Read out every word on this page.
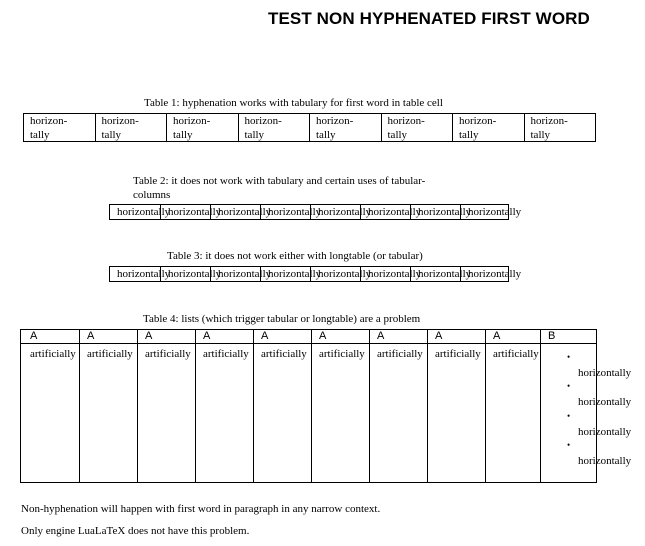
TEST NON HYPHENATED FIRST WORD
Table 1: hyphenation works with tabulary for first word in table cell
horizon-
tally
horizon-
tally
horizon-
tally
horizon-
tally
horizon-
tally
horizon-
tally
horizon-
tally
horizon-
tally
Table 2: it does not work with tabulary and certain uses of tabular-
columns
horizontally
horizontally
horizontally
horizontally
horizontally
horizontally
horizontally
horizontally
Table 3: it does not work either with longtable (or tabular)
horizontally
horizontally
horizontally
horizontally
horizontally
horizontally
horizontally
horizontally
Table 4: lists (which trigger tabular or longtable) are a problem
A
artificially
A
artificially
A
artificially
A
artificially
A
artificially
A
artificially
A
artificially
A
artificially
A
artificially
B
•
horizontally
•
horizontally
•
horizontally
•
horizontally
Non-hyphenation will happen with first word in paragraph in any narrow context.
Only engine LuaLaTeX does not have this problem.
